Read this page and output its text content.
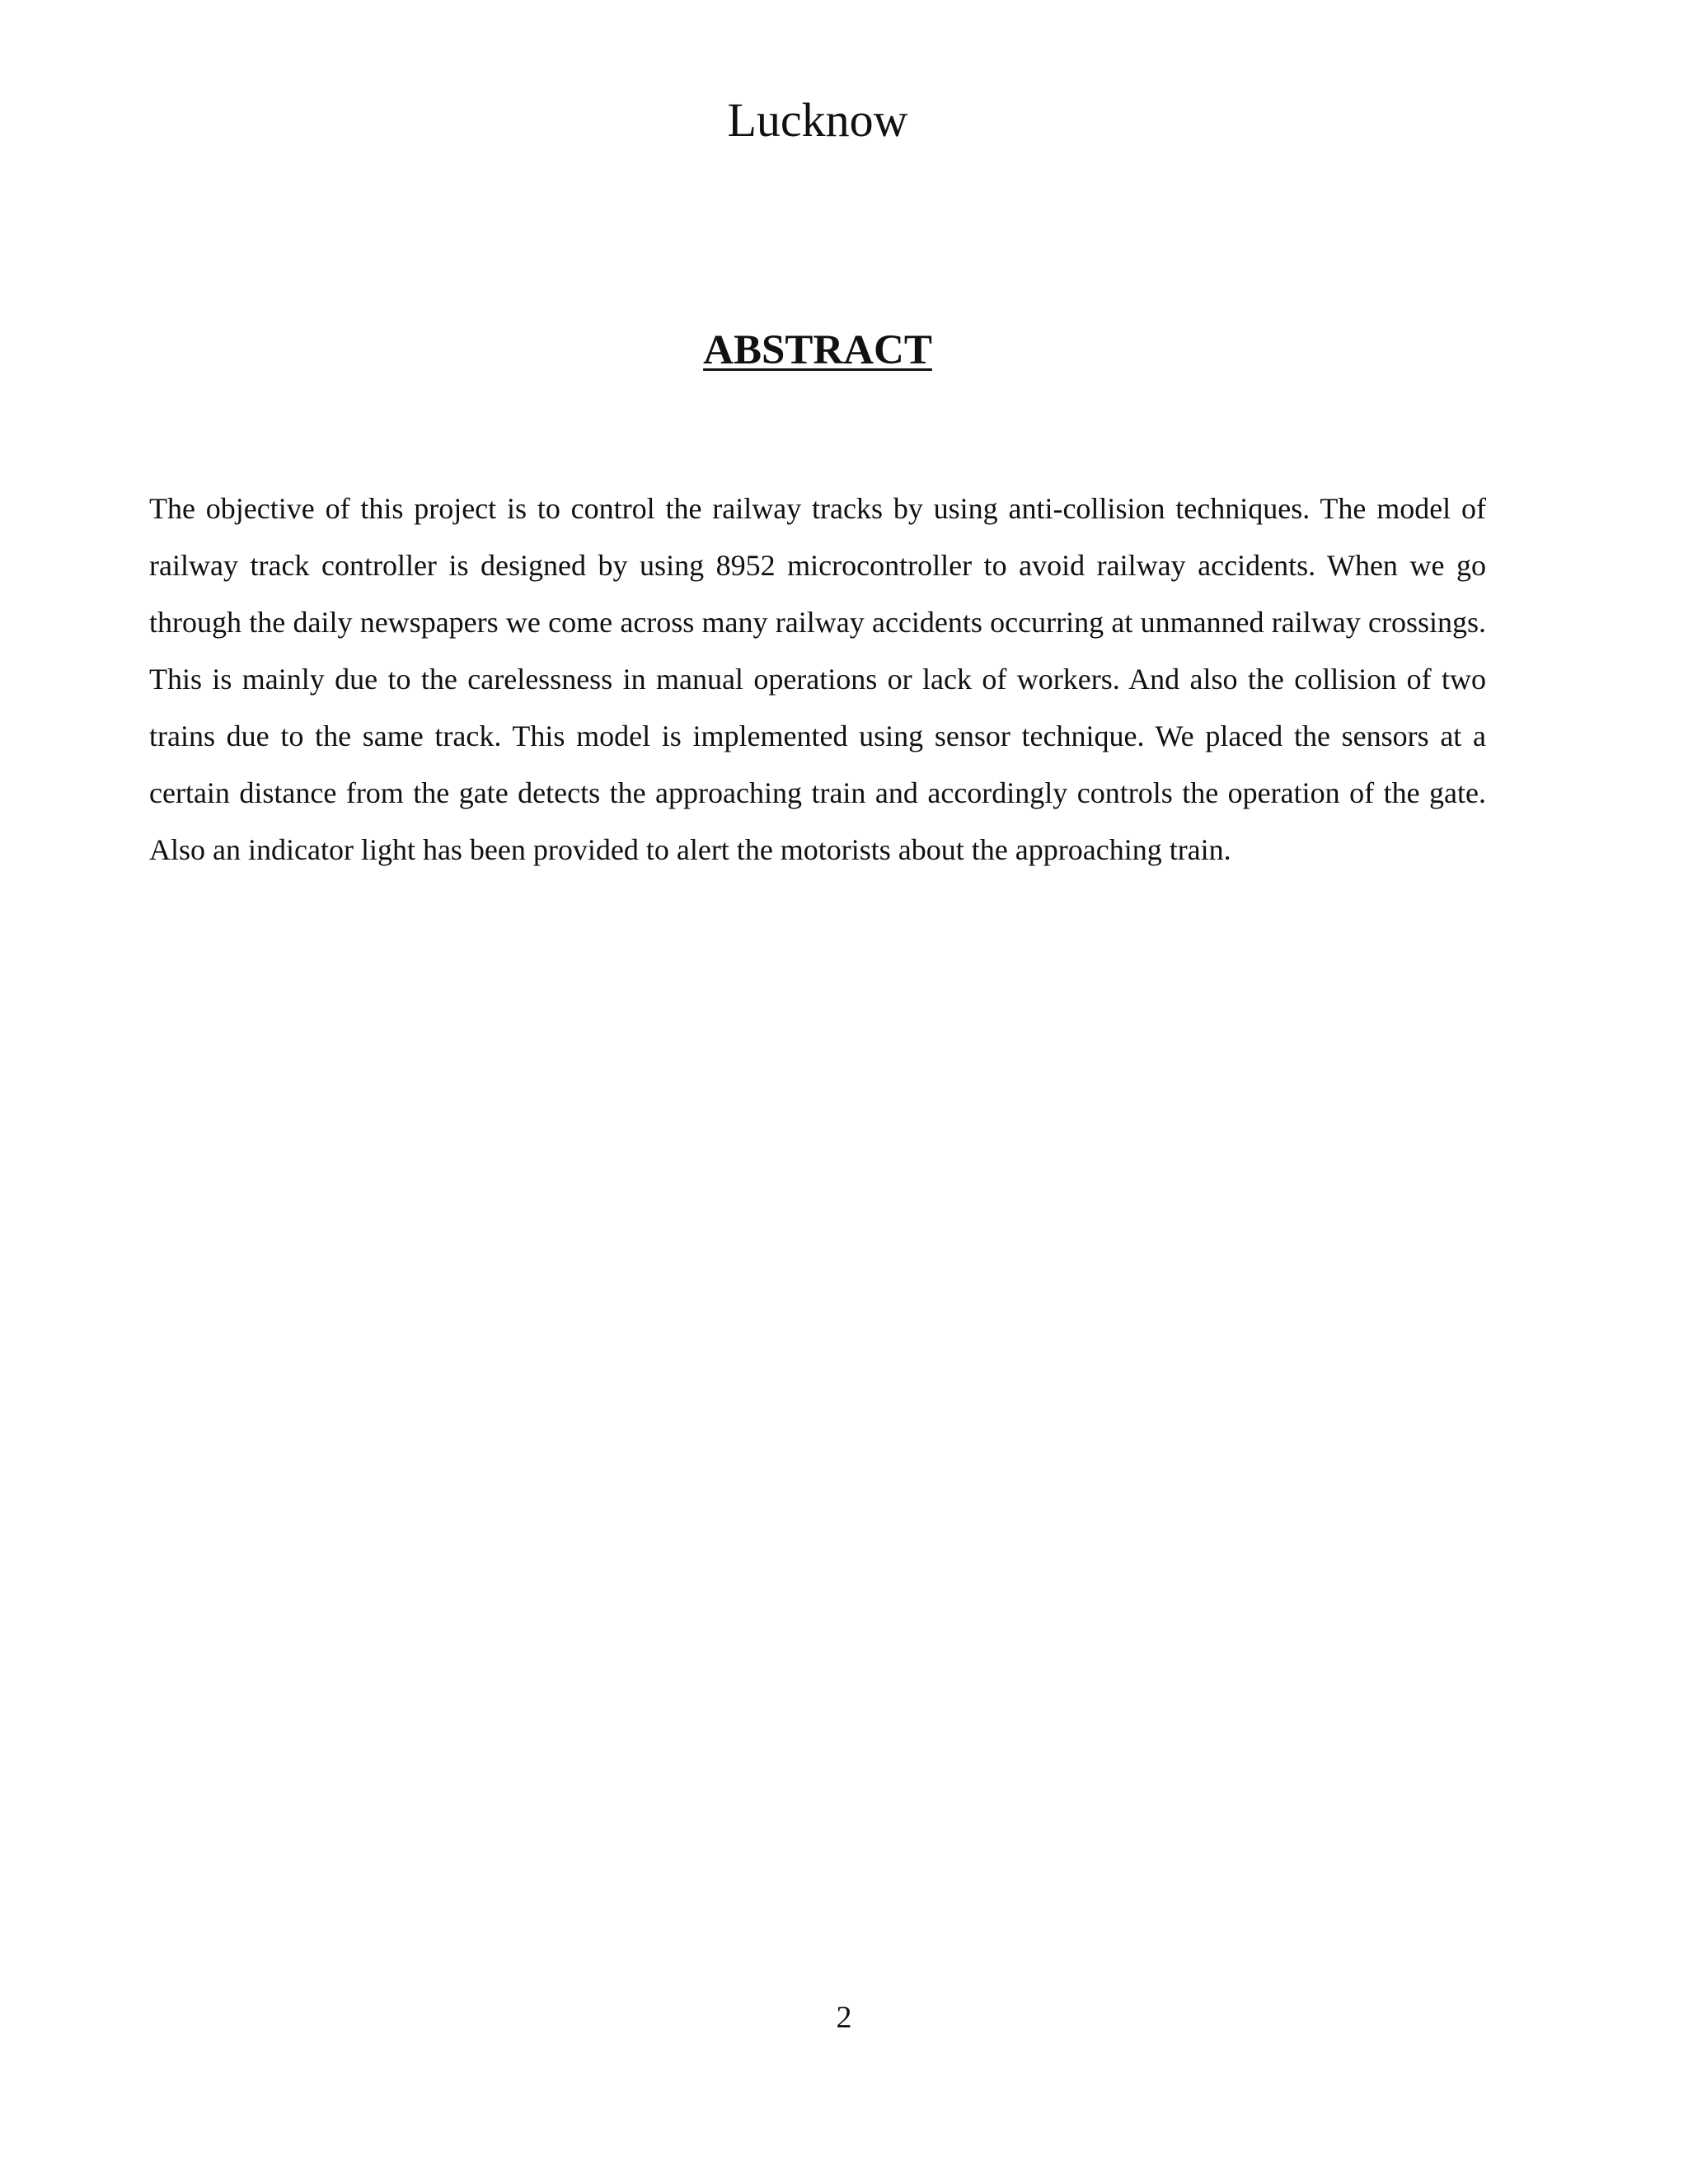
Lucknow
ABSTRACT

The objective of this project is to control the railway tracks by using anti-collision techniques. The model of railway track controller is designed by using 8952 microcontroller to avoid railway accidents. When we go through the daily newspapers we come across many railway accidents occurring at unmanned railway crossings. This is mainly due to the carelessness in manual operations or lack of workers. And also the collision of two trains due to the same track. This model is implemented using sensor technique. We placed the sensors at a certain distance from the gate detects the approaching train and accordingly controls the operation of the gate. Also an indicator light has been provided to alert the motorists about the approaching train.

2
